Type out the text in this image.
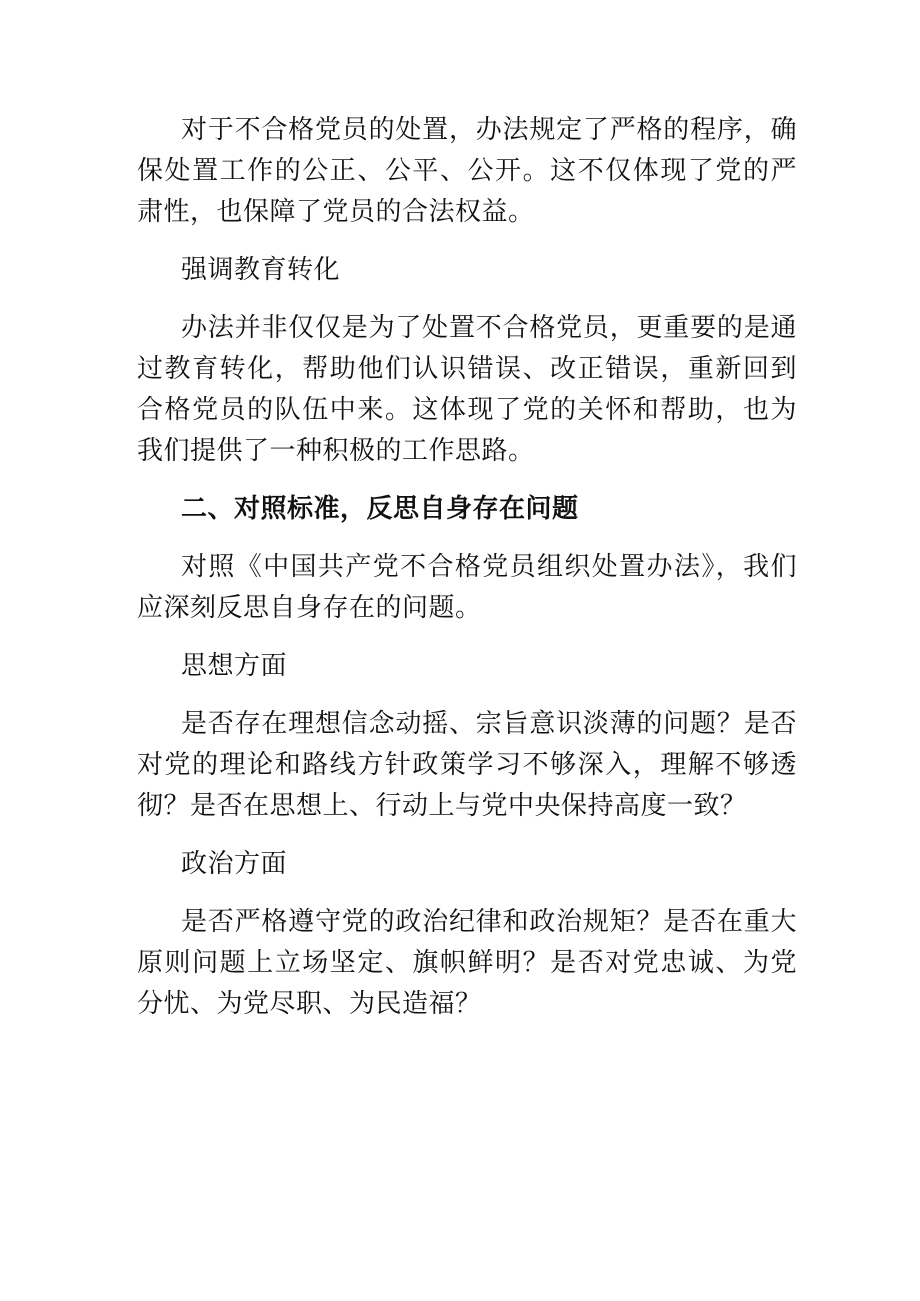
对于不合格党员的处置，办法规定了严格的程序，确保处置工作的公正、公平、公开。这不仅体现了党的严肃性，也保障了党员的合法权益。

强调教育转化

办法并非仅仅是为了处置不合格党员，更重要的是通过教育转化，帮助他们认识错误、改正错误，重新回到合格党员的队伍中来。这体现了党的关怀和帮助，也为我们提供了一种积极的工作思路。

二、对照标准，反思自身存在问题

对照《中国共产党不合格党员组织处置办法》，我们应深刻反思自身存在的问题。

思想方面

是否存在理想信念动摇、宗旨意识淡薄的问题？是否对党的理论和路线方针政策学习不够深入，理解不够透彻？是否在思想上、行动上与党中央保持高度一致？

政治方面

是否严格遵守党的政治纪律和政治规矩？是否在重大原则问题上立场坚定、旗帜鲜明？是否对党忠诚、为党分忧、为党尽职、为民造福？
